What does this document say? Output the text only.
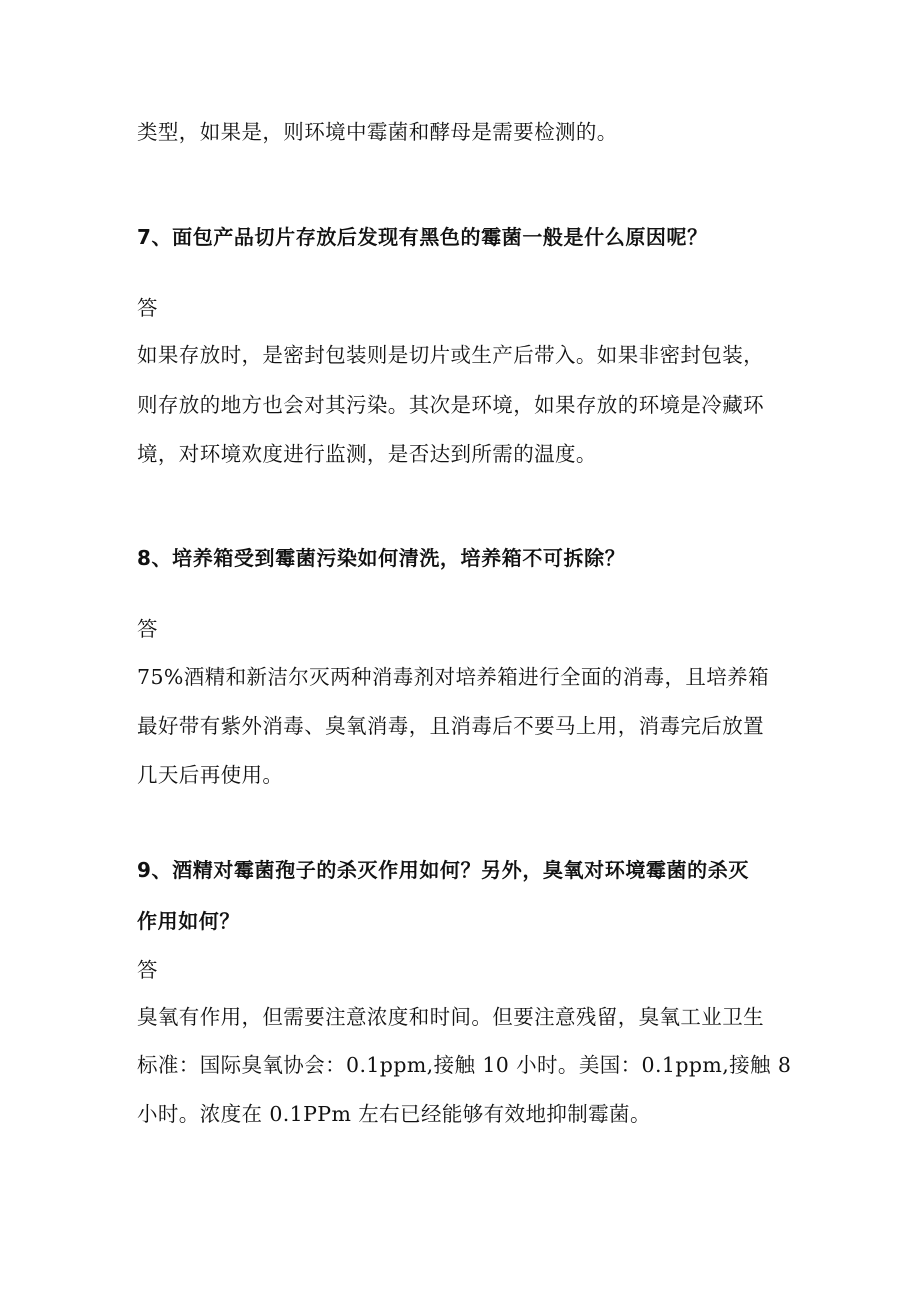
类型，如果是，则环境中霉菌和酵母是需要检测的。

7、面包产品切片存放后发现有黑色的霉菌一般是什么原因呢？

答

如果存放时，是密封包装则是切片或生产后带入。如果非密封包装，

则存放的地方也会对其污染。其次是环境，如果存放的环境是冷藏环

境，对环境欢度进行监测，是否达到所需的温度。

8、培养箱受到霉菌污染如何清洗，培养箱不可拆除？

答

75%酒精和新洁尔灭两种消毒剂对培养箱进行全面的消毒，且培养箱

最好带有紫外消毒、臭氧消毒，且消毒后不要马上用，消毒完后放置

几天后再使用。

9、酒精对霉菌孢子的杀灭作用如何？另外，臭氧对环境霉菌的杀灭

作用如何？

答

臭氧有作用，但需要注意浓度和时间。但要注意残留，臭氧工业卫生

标准：国际臭氧协会：0.1ppm,接触 10 小时。美国：0.1ppm,接触 8

小时。浓度在 0.1PPm 左右已经能够有效地抑制霉菌。
